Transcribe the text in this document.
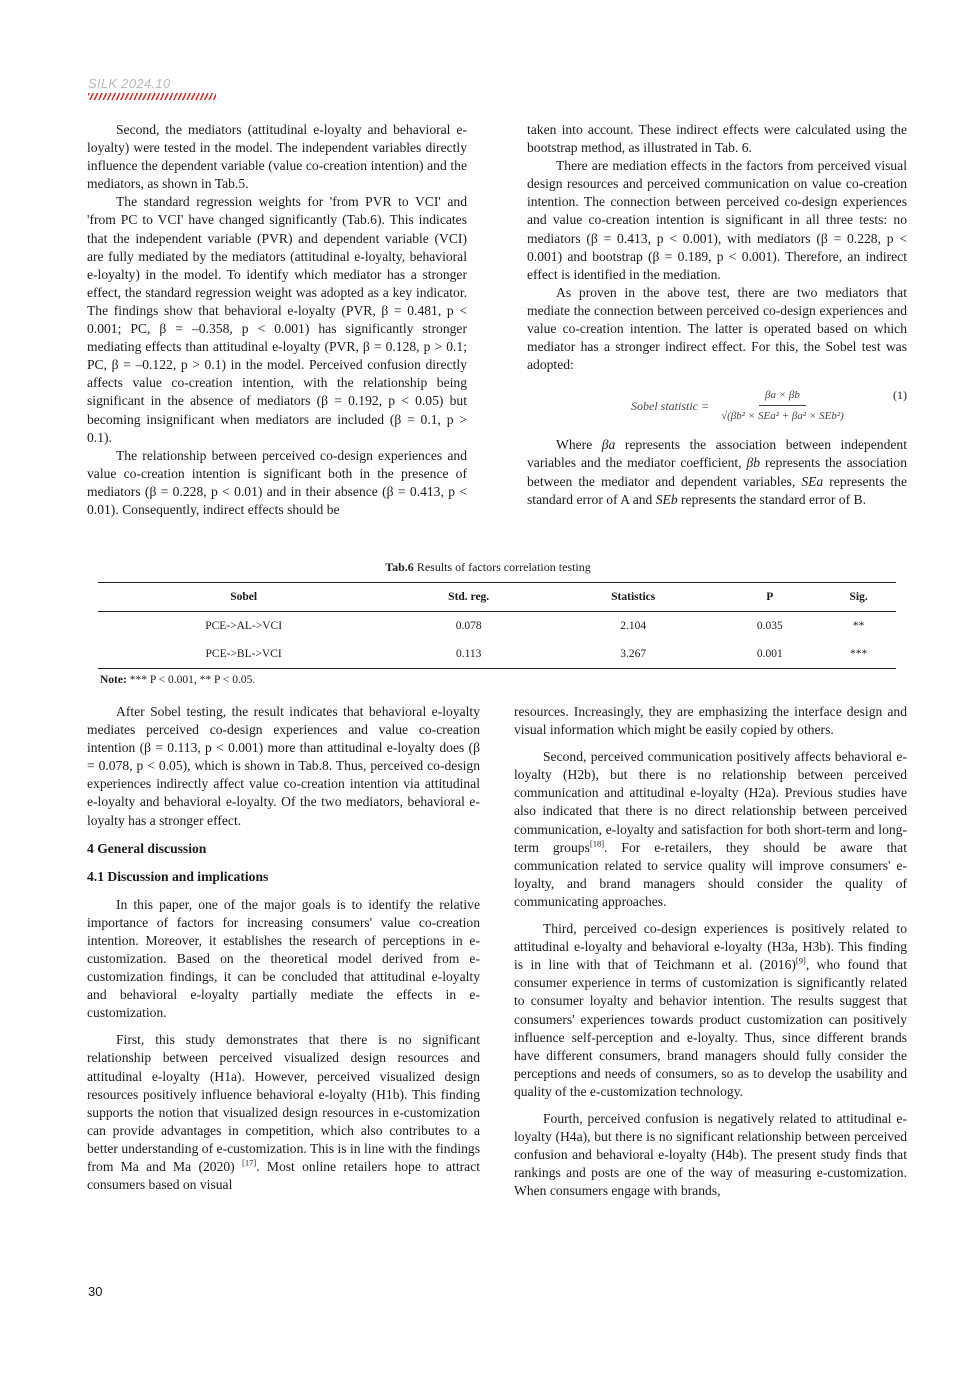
SILK 2024.10

Second, the mediators (attitudinal e-loyalty and behavioral e-loyalty) were tested in the model. The independent variables directly influence the dependent variable (value co-creation intention) and the mediators, as shown in Tab.5.

The standard regression weights for 'from PVR to VCI' and 'from PC to VCI' have changed significantly (Tab.6). This indicates that the independent variable (PVR) and dependent variable (VCI) are fully mediated by the mediators (attitudinal e-loyalty, behavioral e-loyalty) in the model. To identify which mediator has a stronger effect, the standard regression weight was adopted as a key indicator. The findings show that behavioral e-loyalty (PVR, β = 0.481, p < 0.001; PC, β = –0.358, p < 0.001) has significantly stronger mediating effects than attitudinal e-loyalty (PVR, β = 0.128, p > 0.1; PC, β = –0.122, p > 0.1) in the model. Perceived confusion directly affects value co-creation intention, with the relationship being significant in the absence of mediators (β = 0.192, p < 0.05) but becoming insignificant when mediators are included (β = 0.1, p > 0.1).

The relationship between perceived co-design experiences and value co-creation intention is significant both in the presence of mediators (β = 0.228, p < 0.01) and in their absence (β = 0.413, p < 0.01). Consequently, indirect effects should be

taken into account. These indirect effects were calculated using the bootstrap method, as illustrated in Tab. 6.

There are mediation effects in the factors from perceived visual design resources and perceived communication on value co-creation intention. The connection between perceived co-design experiences and value co-creation intention is significant in all three tests: no mediators (β = 0.413, p < 0.001), with mediators (β = 0.228, p < 0.001) and bootstrap (β = 0.189, p < 0.001). Therefore, an indirect effect is identified in the mediation.

As proven in the above test, there are two mediators that mediate the connection between perceived co-design experiences and value co-creation intention. The latter is operated based on which mediator has a stronger indirect effect. For this, the Sobel test was adopted:

Sobel statistic = $\frac{\beta a \times \beta b}{\text{√(βb² × SEa² + βa² × SEb²)}}$	(1)

Where βa represents the association between independent variables and the mediator coefficient, βb represents the association between the mediator and dependent variables, SEa represents the standard error of A and SEb represents the standard error of B.

Tab.6 Results of factors correlation testing
Sobel	Std. reg.	Statistics	P	Sig.
PCE->AL->VCI	0.078	2.104	0.035	**
PCE->BL->VCI	0.113	3.267	0.001	***
Note: *** P < 0.001, ** P < 0.05.

After Sobel testing, the result indicates that behavioral e-loyalty mediates perceived co-design experiences and value co-creation intention (β = 0.113, p < 0.001) more than attitudinal e-loyalty does (β = 0.078, p < 0.05), which is shown in Tab.8. Thus, perceived co-design experiences indirectly affect value co-creation intention via attitudinal e-loyalty and behavioral e-loyalty. Of the two mediators, behavioral e-loyalty has a stronger effect.

4 General discussion
4.1 Discussion and implications

In this paper, one of the major goals is to identify the relative importance of factors for increasing consumers' value co-creation intention. Moreover, it establishes the research of perceptions in e-customization. Based on the theoretical model derived from e-customization findings, it can be concluded that attitudinal e-loyalty and behavioral e-loyalty partially mediate the effects in e-customization.

First, this study demonstrates that there is no significant relationship between perceived visualized design resources and attitudinal e-loyalty (H1a). However, perceived visualized design resources positively influence behavioral e-loyalty (H1b). This finding supports the notion that visualized design resources in e-customization can provide advantages in competition, which also contributes to a better understanding of e-customization. This is in line with the findings from Ma and Ma (2020) [17]. Most online retailers hope to attract consumers based on visual

resources. Increasingly, they are emphasizing the interface design and visual information which might be easily copied by others.

Second, perceived communication positively affects behavioral e-loyalty (H2b), but there is no relationship between perceived communication and attitudinal e-loyalty (H2a). Previous studies have also indicated that there is no direct relationship between perceived communication, e-loyalty and satisfaction for both short-term and long-term groups[18]. For e-retailers, they should be aware that communication related to service quality will improve consumers' e-loyalty, and brand managers should consider the quality of communicating approaches.

Third, perceived co-design experiences is positively related to attitudinal e-loyalty and behavioral e-loyalty (H3a, H3b). This finding is in line with that of Teichmann et al. (2016)[9], who found that consumer experience in terms of customization is significantly related to consumer loyalty and behavior intention. The results suggest that consumers' experiences towards product customization can positively influence self-perception and e-loyalty. Thus, since different brands have different consumers, brand managers should fully consider the perceptions and needs of consumers, so as to develop the usability and quality of the e-customization technology.

Fourth, perceived confusion is negatively related to attitudinal e-loyalty (H4a), but there is no significant relationship between perceived confusion and behavioral e-loyalty (H4b). The present study finds that rankings and posts are one of the way of measuring e-customization. When consumers engage with brands,

30
